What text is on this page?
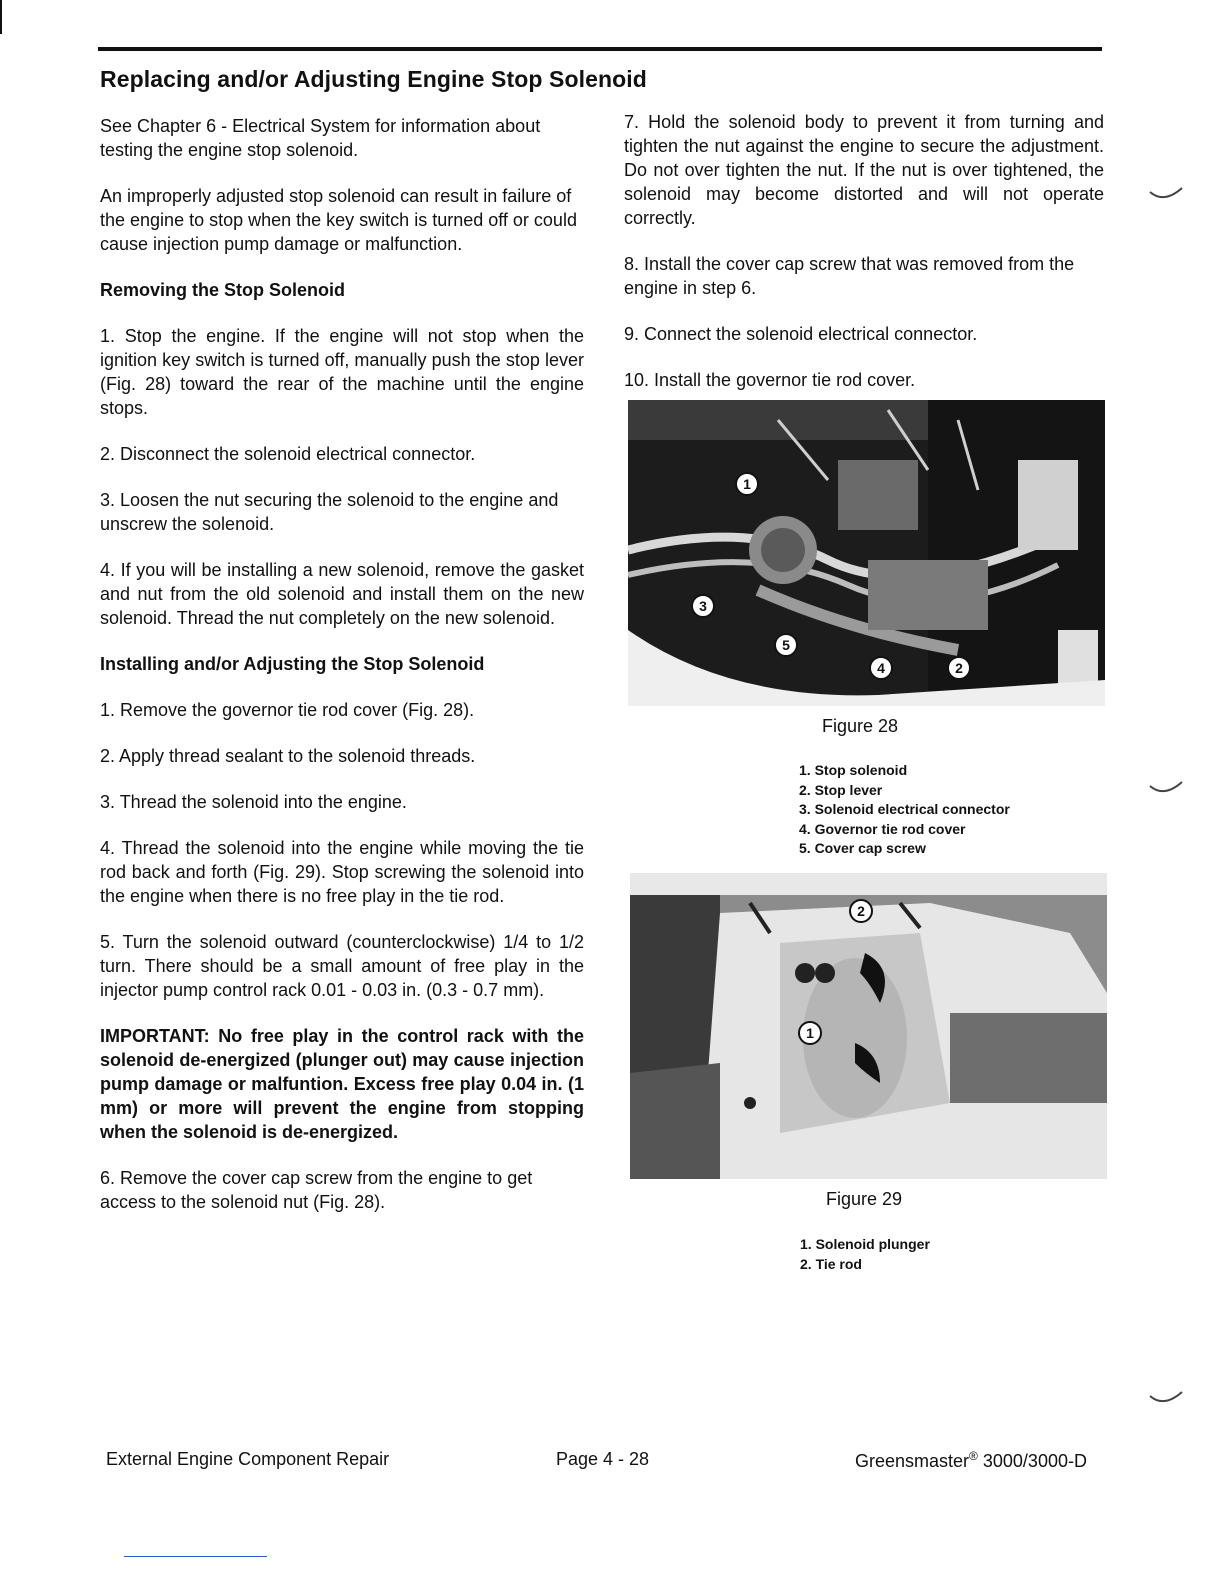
Replacing and/or Adjusting Engine Stop Solenoid

See Chapter 6 - Electrical System for information about testing the engine stop solenoid.

An improperly adjusted stop solenoid can result in failure of the engine to stop when the key switch is turned off or could cause injection pump damage or malfunction.

Removing the Stop Solenoid

1. Stop the engine. If the engine will not stop when the ignition key switch is turned off, manually push the stop lever (Fig. 28) toward the rear of the machine until the engine stops.

2. Disconnect the solenoid electrical connector.

3. Loosen the nut securing the solenoid to the engine and unscrew the solenoid.

4. If you will be installing a new solenoid, remove the gasket and nut from the old solenoid and install them on the new solenoid. Thread the nut completely on the new solenoid.

Installing and/or Adjusting the Stop Solenoid

1. Remove the governor tie rod cover (Fig. 28).

2. Apply thread sealant to the solenoid threads.

3. Thread the solenoid into the engine.

4. Thread the solenoid into the engine while moving the tie rod back and forth (Fig. 29). Stop screwing the solenoid into the engine when there is no free play in the tie rod.

5. Turn the solenoid outward (counterclockwise) 1/4 to 1/2 turn. There should be a small amount of free play in the injector pump control rack 0.01 - 0.03 in. (0.3 - 0.7 mm).

IMPORTANT: No free play in the control rack with the solenoid de-energized (plunger out) may cause injection pump damage or malfuntion. Excess free play 0.04 in. (1 mm) or more will prevent the engine from stopping when the solenoid is de-energized.

6. Remove the cover cap screw from the engine to get access to the solenoid nut (Fig. 28).

7. Hold the solenoid body to prevent it from turning and tighten the nut against the engine to secure the adjustment. Do not over tighten the nut. If the nut is over tightened, the solenoid may become distorted and will not operate correctly.

8. Install the cover cap screw that was removed from the engine in step 6.

9. Connect the solenoid electrical connector.

10. Install the governor tie rod cover.

1
3
5
4	2
Figure 28
1. Stop solenoid
2. Stop lever
3. Solenoid electrical connector
4. Governor tie rod cover
5. Cover cap screw
2
1
Figure 29
1. Solenoid plunger
2. Tie rod
External Engine Component Repair	Page 4 - 28	Greensmaster® 3000/3000-D
